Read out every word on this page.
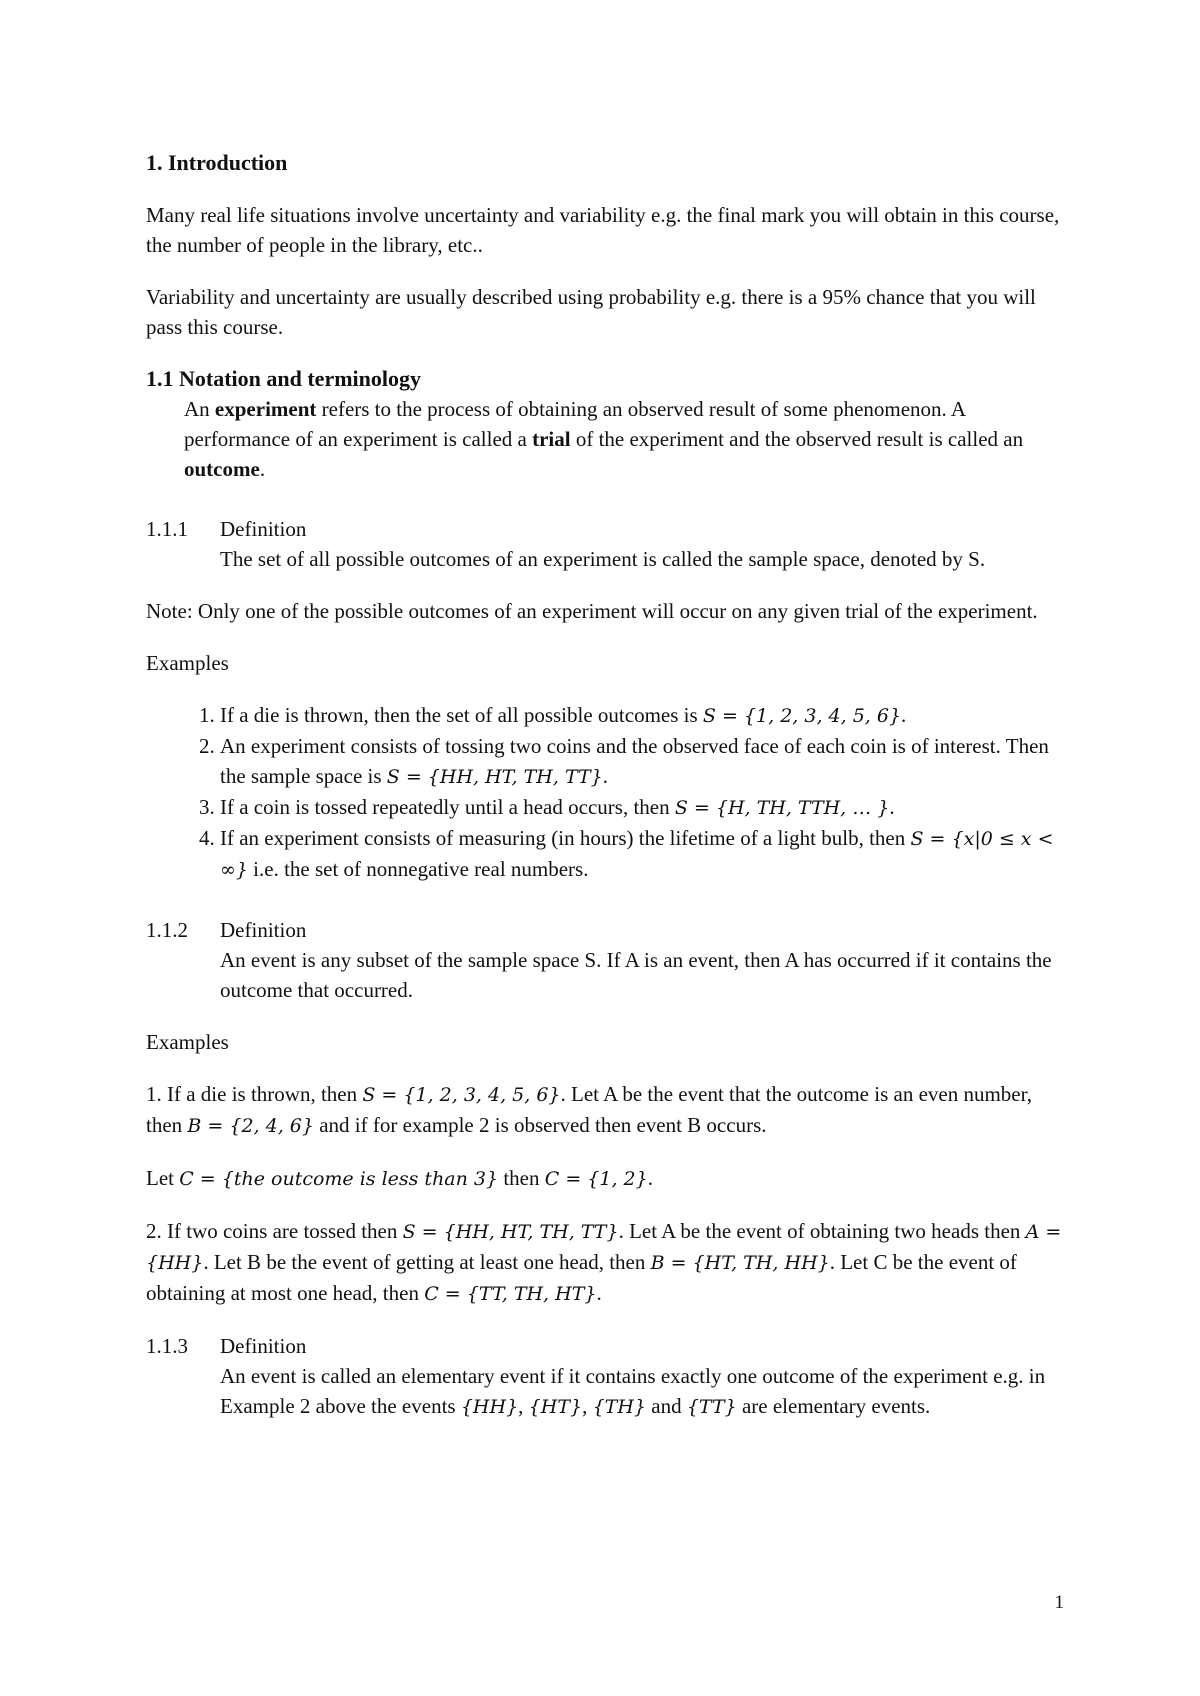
1. Introduction

Many real life situations involve uncertainty and variability e.g. the final mark you will obtain in this course, the number of people in the library, etc..

Variability and uncertainty are usually described using probability e.g. there is a 95% chance that you will pass this course.

1.1 Notation and terminology

An experiment refers to the process of obtaining an observed result of some phenomenon. A performance of an experiment is called a trial of the experiment and the observed result is called an outcome.

1.1.1 Definition

The set of all possible outcomes of an experiment is called the sample space, denoted by S.

Note: Only one of the possible outcomes of an experiment will occur on any given trial of the experiment.

Examples

1. If a die is thrown, then the set of all possible outcomes is S = {1, 2, 3, 4, 5, 6}.
2. An experiment consists of tossing two coins and the observed face of each coin is of interest. Then the sample space is S = {HH, HT, TH, TT}.
3. If a coin is tossed repeatedly until a head occurs, then S = {H, TH, TTH, … }.
4. If an experiment consists of measuring (in hours) the lifetime of a light bulb, then S = {x|0 ≤ x < ∞} i.e. the set of nonnegative real numbers.

1.1.2 Definition

An event is any subset of the sample space S. If A is an event, then A has occurred if it contains the outcome that occurred.

Examples

1. If a die is thrown, then S = {1, 2, 3, 4, 5, 6}. Let A be the event that the outcome is an even number, then B = {2, 4, 6} and if for example 2 is observed then event B occurs.

Let C = {the outcome is less than 3} then C = {1, 2}.

2. If two coins are tossed then S = {HH, HT, TH, TT}. Let A be the event of obtaining two heads then A = {HH}. Let B be the event of getting at least one head, then B = {HT, TH, HH}. Let C be the event of obtaining at most one head, then C = {TT, TH, HT}.

1.1.3 Definition

An event is called an elementary event if it contains exactly one outcome of the experiment e.g. in Example 2 above the events {HH}, {HT}, {TH} and {TT} are elementary events.

1
